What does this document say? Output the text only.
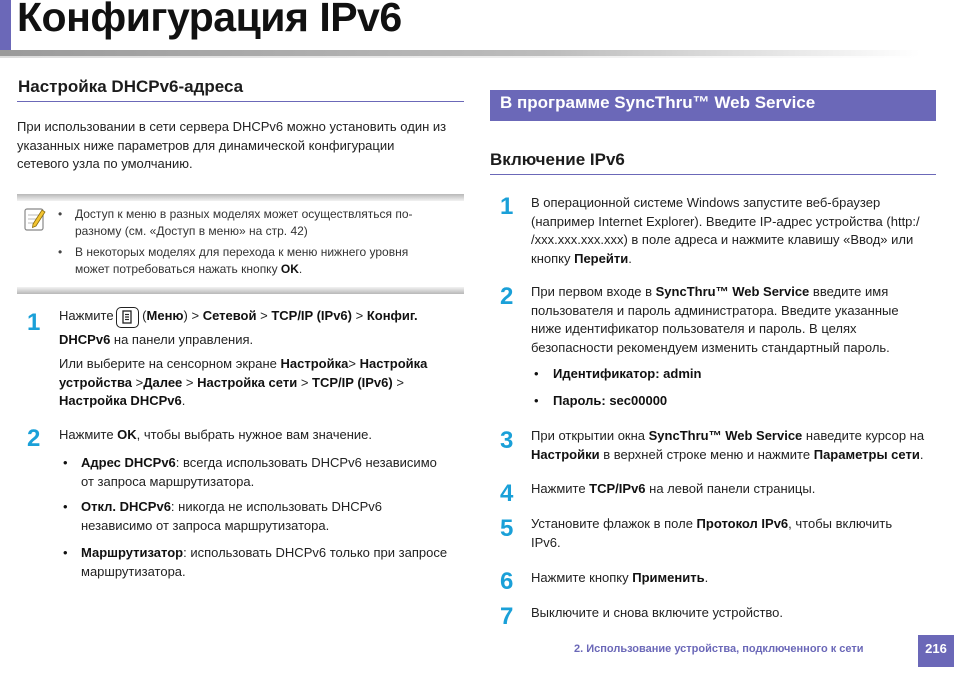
Конфигурация IPv6
Настройка DHCPv6-адреса
При использовании в сети сервера DHCPv6 можно установить один из
указанных ниже параметров для динамической конфигурации
сетевого узла по умолчанию.
• Доступ к меню в разных моделях может осуществляться по-
разному (см. «Доступ в меню» на стр. 42)
• В некоторых моделях для перехода к меню нижнего уровня
может потребоваться нажать кнопку OK.
1	Нажмите (Меню) > Сетевой > TCP/IP (IPv6) > Конфиг.
DHCPv6 на панели управления.
Или выберите на сенсорном экране Настройка> Настройка
устройства >Далее > Настройка сети > TCP/IP (IPv6) >
Настройка DHCPv6.
2	Нажмите OK, чтобы выбрать нужное вам значение.
• Адрес DHCPv6: всегда использовать DHCPv6 независимо
от запроса маршрутизатора.
• Откл. DHCPv6: никогда не использовать DHCPv6
независимо от запроса маршрутизатора.
• Маршрутизатор: использовать DHCPv6 только при запросе
маршрутизатора.
В программе SyncThru™ Web Service
Включение IPv6
1	В операционной системе Windows запустите веб-браузер
(например Internet Explorer). Введите IP-адрес устройства (http:/
/xxx.xxx.xxx.xxx) в поле адреса и нажмите клавишу «Ввод» или
кнопку Перейти.
2	При первом входе в SyncThru™ Web Service введите имя
пользователя и пароль администратора. Введите указанные
ниже идентификатор пользователя и пароль. В целях
безопасности рекомендуем изменить стандартный пароль.
• Идентификатор: admin
• Пароль: sec00000
3	При открытии окна SyncThru™ Web Service наведите курсор на
Настройки в верхней строке меню и нажмите Параметры сети.
4	Нажмите TCP/IPv6 на левой панели страницы.
5	Установите флажок в поле Протокол IPv6, чтобы включить
IPv6.
6	Нажмите кнопку Применить.
7	Выключите и снова включите устройство.
2. Использование устройства, подключенного к сети	216
